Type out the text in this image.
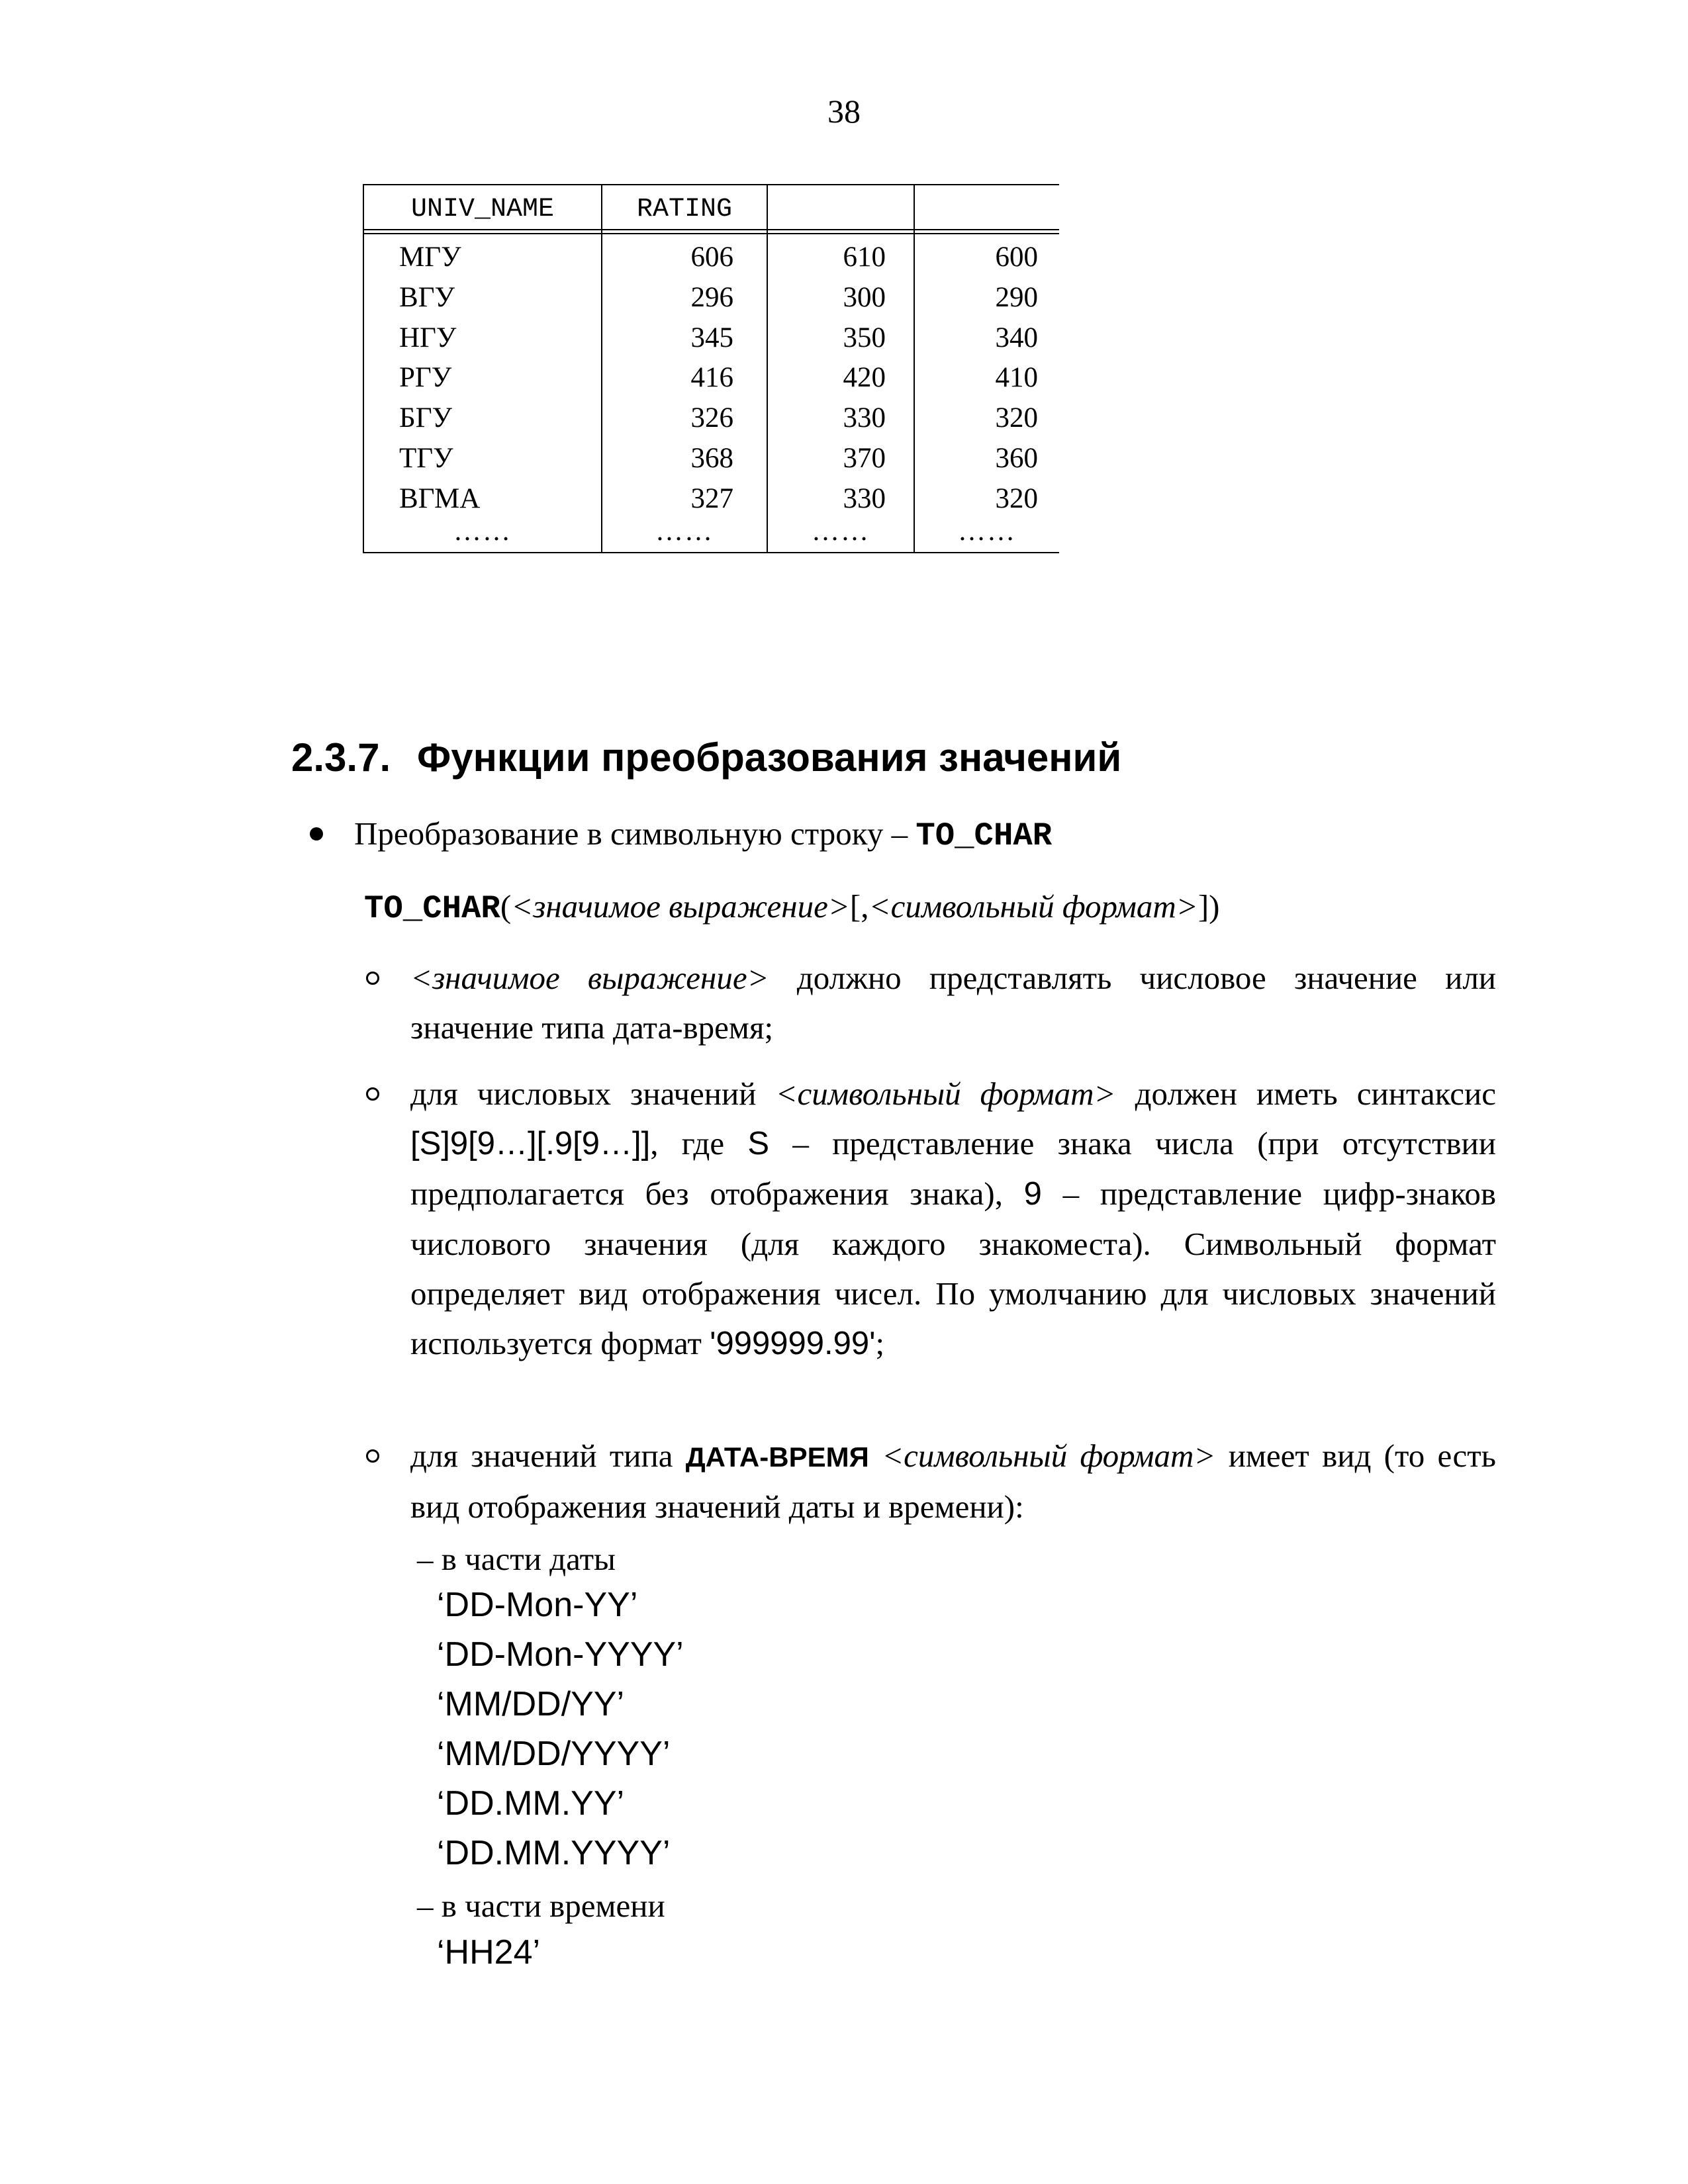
38
UNIV_NAME	RATING
МГУ	606	610	600
ВГУ	296	300	290
НГУ	345	350	340
РГУ	416	420	410
БГУ	326	330	320
ТГУ	368	370	360
ВГМА	327	330	320
……	……	……	……
2.3.7. Функции преобразования значений
Преобразование в символьную строку – TO_CHAR
TO_CHAR(<значимое выражение>[,<символьный формат>])
<значимое выражение> должно представлять числовое значение или значение типа дата-время;
для числовых значений <символьный формат> должен иметь синтаксис [S]9[9…][.9[9…]], где S – представление знака числа (при отсутствии предполагается без отображения знака), 9 – представление цифр-знаков числового значения (для каждого знакоместа). Символьный формат определяет вид отображения чисел. По умолчанию для числовых значений используется формат '999999.99';
для значений типа ДАТА-ВРЕМЯ <символьный формат> имеет вид (то есть вид отображения значений даты и времени):
– в части даты
‘DD-Mon-YY’
‘DD-Mon-YYYY’
‘MM/DD/YY’
‘MM/DD/YYYY’
‘DD.MM.YY’
‘DD.MM.YYYY’
– в части времени
‘HH24’
